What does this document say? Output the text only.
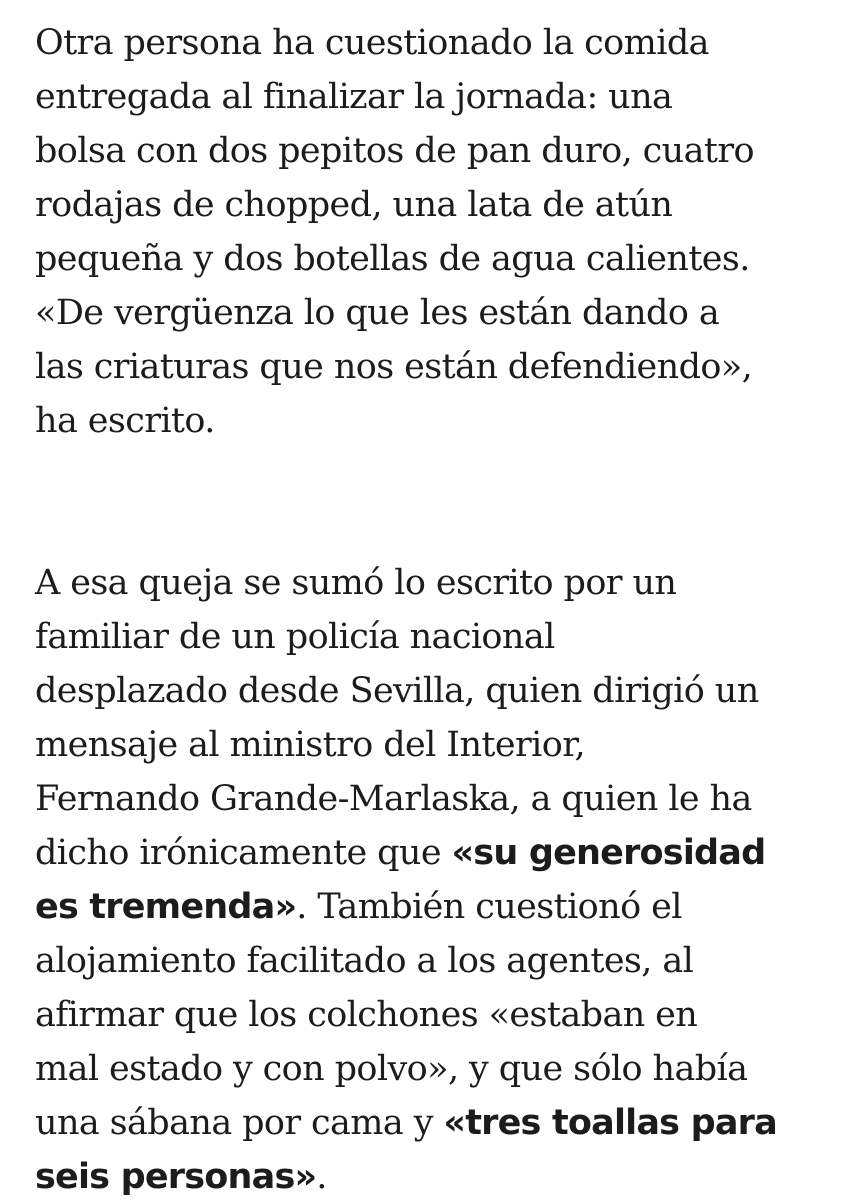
Otra persona ha cuestionado la comida
entregada al finalizar la jornada: una
bolsa con dos pepitos de pan duro, cuatro
rodajas de chopped, una lata de atún
pequeña y dos botellas de agua calientes.
«De vergüenza lo que les están dando a
las criaturas que nos están defendiendo»,
ha escrito.

A esa queja se sumó lo escrito por un
familiar de un policía nacional
desplazado desde Sevilla, quien dirigió un
mensaje al ministro del Interior,
Fernando Grande-Marlaska, a quien le ha
dicho irónicamente que «su generosidad
es tremenda». También cuestionó el
alojamiento facilitado a los agentes, al
afirmar que los colchones «estaban en
mal estado y con polvo», y que sólo había
una sábana por cama y «tres toallas para
seis personas».
